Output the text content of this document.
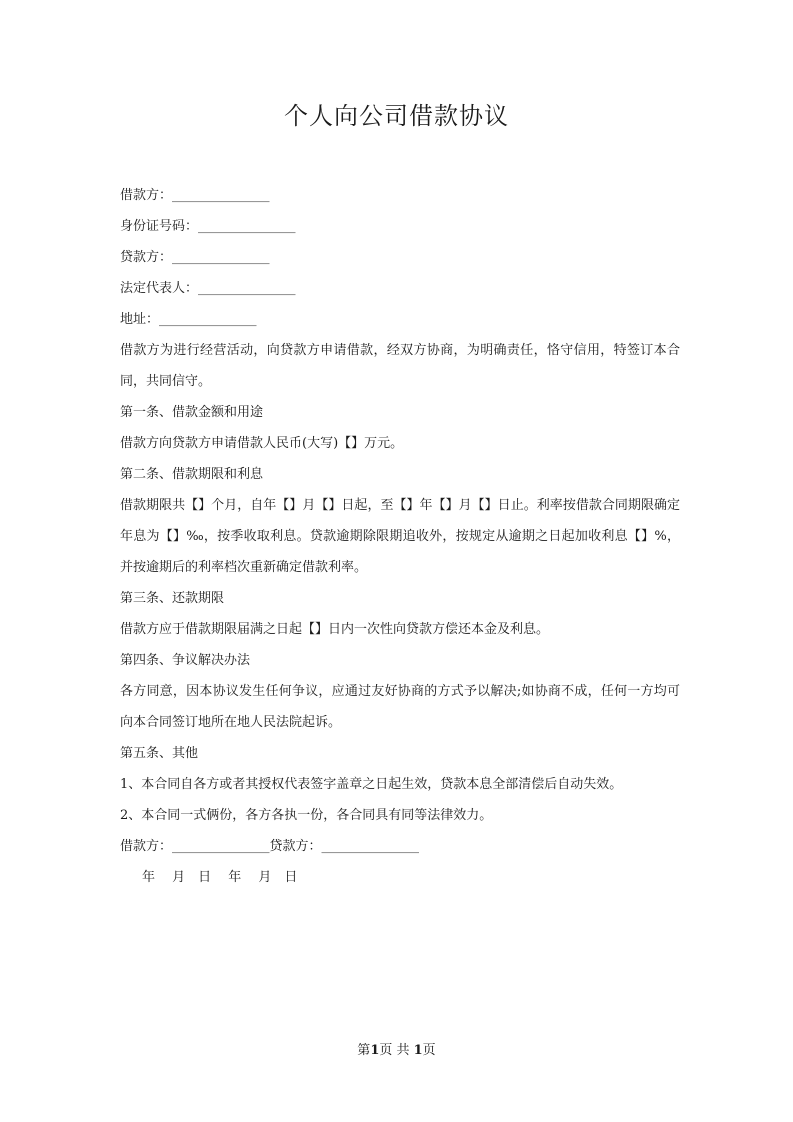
个人向公司借款协议
借款方：_______________
身份证号码：_______________
贷款方：_______________
法定代表人：_______________
地址：_______________
借款方为进行经营活动，向贷款方申请借款，经双方协商，为明确责任，恪守信用，特签订本合同，共同信守。
第一条、借款金额和用途
借款方向贷款方申请借款人民币(大写)【】万元。
第二条、借款期限和利息
借款期限共【】个月，自年【】月【】日起，至【】年【】月【】日止。利率按借款合同期限确定年息为【】‰，按季收取利息。贷款逾期除限期追收外，按规定从逾期之日起加收利息【】%，并按逾期后的利率档次重新确定借款利率。
第三条、还款期限
借款方应于借款期限届满之日起【】日内一次性向贷款方偿还本金及利息。
第四条、争议解决办法
各方同意，因本协议发生任何争议，应通过友好协商的方式予以解决;如协商不成，任何一方均可向本合同签订地所在地人民法院起诉。
第五条、其他
1、本合同自各方或者其授权代表签字盖章之日起生效，贷款本息全部清偿后自动失效。
2、本合同一式俩份，各方各执一份，各合同具有同等法律效力。
借款方：_______________贷款方：_______________
年　 月　日　 年　 月　日
第1页 共 1页
